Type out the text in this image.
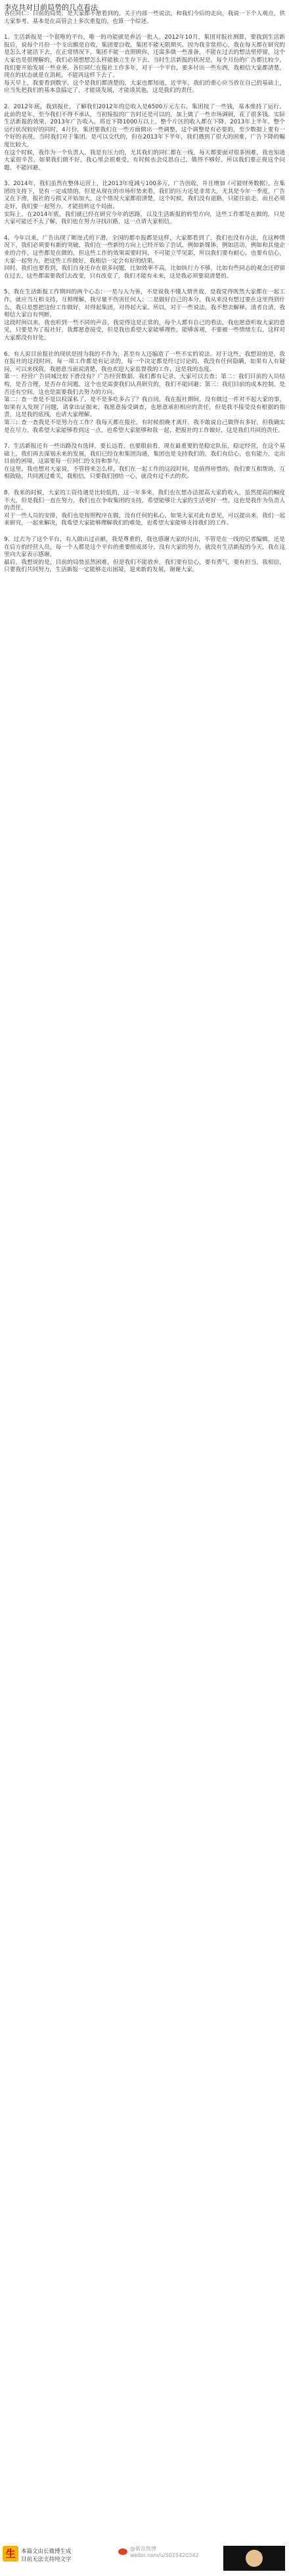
李克共对目前局势的几点看法
各位同仁：目前的局势，是大家都不愿看到的。关于内部一些说法，和我们今后的走向，我说一下个人观点，供大家参考。基本是在高管会上多次重复的，也算一个综述。
1、生活新报是一个很唯的平台，唯一的功能就是养活一批人。2012年10月，集团对报社测算，要我到生活新报后，说每个月份一个支出额是自收，集团要自收，集团不能无限期买。因为我非常担心，我在每天都在研究的是怎么才能活下去，在正常情况下，集团不能一直照顾你，还需多做一些准备，不能在过去的想法里停留，这个大家也是很理解的，我们必须想想怎么样能独立生存下去。当时生活新报的状况是，每个月份的广告都比较少，我们要开始发展一些业务。各位同仁在报社工作多年，对于一个平台，要多付出一些东西，我相信大家都清楚，现在的状态就是在消耗，不能再这样下去了。
每天早上，我要看到数字，这个是我们都清楚的，大家也都知道，近半年，我们的重心应当放在自己的基础上，应当先把我们的基本盘搞定了，才能谈发展，才能谈其他，这是我们的责任。
2、2012年底，我到报社，了解我们2012年的总收入是6500万元左右，集团按了一些钱，基本维持了运行。此前的是年，至今我们不得不承认，当初接报的广告时还是可以的，加上做了一些市场调研，花了很多钱。实际生活新报的效果，2013年广告收入，将近下降1000万以上，整个片区的收入都在下降。2013年上半年，整个运行状况较好的同时，4月份，集团要我们在一些方面做出一些调整，这个调整是有必要的，至少数据上要有一个好的表现，当时我们对于集团，是可以交代的，但在2013年下半年，我们遇到了很大的困难，广告下降的幅度比较大。
在这个时候，我作为一个负责人，我是有压力的，尤其我们的同仁都在一线，每天都要面对很多困难，我也知道大家很辛苦，如果我们做不好，我心里会很难受，有时候也会反思自己，做得不够好。所以我们要正视这个问题，不能回避。
3、2014年，我们虽然在整体运营上，比2013年度减亏100多万，广告创收，并且增加（可能财务数据），在集团的支持下，是有一定成绩的，但是从现在的市场形势来看，我们的压力还是非常大，尤其是今年一季度，广告又在下滑，报社的亏损又开始加大，这个情况大家都很清楚，这个时候，我们没有退路，只能往前走，而且必须走好，我们要一起努力，才能扭转这个局面。
实际上，在2014年底，我们就已经在研究今年的思路，以及生活新报的转型方向，这些工作都是在做的，只是大家可能还不太了解，我们也在努力寻找出路，这一点请大家相信。
4、今年以来，广告出现了断崖式的下滑，全国的都市报都是这样，大家都看到了，我们也没有办法，在这种情况下，我们必须要有新的突破，我们在一些新的方向上已经开始了尝试，例如新媒体，例如活动，例如和其他企业的合作，这些都是在做的，但这些工作的效果需要时间，不可能立竿见影，所以我们要有耐心，也要有信心，大家一起努力，把这些工作做好，我相信一定会有好的结果。
同时，我们也要看到，我们自身还存在很多问题，比如效率不高，比如执行力不够，比如有些同志的观念还停留在过去，这些都需要我们去改变，只有改变了，我们才能有未来，这是我必须要说清楚的。
5、我在生活新报工作期间的两个心态：一是与人为善，不是说我不懂人情世故，是我觉得既然大家都在一起工作，就应当互相支持，互相理解，我尽量不伤害任何人；二是做好自己的本分，我从来没有想过要在这里得到什么，我只是想把这份工作做好，对得起集团，对得起大家。所以，对于一些说法，我不想去解释，清者自清，我相信大家自有判断。
这段时间以来，我也听到一些不同的声音，我觉得这是正常的，每个人都有自己的看法，我也愿意听取大家的意见，只要是为了报社好，我都愿意接受，但是我也希望大家能够理性，能够客观，不要被一些情绪左右，这样对大家都没有好处。
6、有人说目前报社的现状是因为我的不作为，甚至有人还编造了一些不实的说法。对于这些，我想说的是，我在报社的这段时间，每一项工作都是有记录的，每一个决定都是经过讨论的，我没有任何隐瞒，如果有人有疑问，可以来找我，我愿意当面说清楚，我也欢迎大家监督我的工作，这是我的态度。
第一：经营广告同城比较下滑没有？广告经营数据，我们都有记录，大家可以去查；第二：我们目前的人员结构，是否合理，是否存在问题，这个也是需要我们认真研究的，我们不能回避；第三：我们目前的成本控制，是否还有空间，这也是需要我们去努力的方向。
第二：查一查是不是以权谋私了，是不是多吃多占了？我自问，我在报社期间，没有做过一件对不起大家的事，如果有人发现了问题，请拿出证据来，我愿意接受调查，也愿意承担相应的责任，但是我不接受没有根据的指责，这是我的底线，也请大家理解。
第三：查一查我是不是努力在工作？我每天都在报社，有时候很晚才离开，我不敢说自己做得有多好，但我确实是在尽力，我希望大家能够看到这一点，也希望大家能够和我一起，把报社的工作做好，这是我们共同的责任。
7、生活新报还有一些出路没有选择，要长远看，也要眼前看，现在最重要的是稳定队伍，稳定经营，在这个基础上，我们再去谋划未来的发展，我们已经在和集团沟通，集团也是支持我们的，我们有信心，也有能力，走出目前的困境，这需要每一位同仁的支持和参与。
在这里，我也想对大家说，不管将来怎么样，我们在一起工作的这段时间，是值得珍惜的，我们要互相帮助，互相鼓励，共同渡过难关，我相信，只要我们团结一心，就没有过不去的坎。
8、我来的时候，大家的工资待遇是比较低的，这一年多来，我们也在想办法提高大家的收入，虽然提高的幅度不大，但是我们一直在努力，我们也在争取集团的支持，希望能够让大家的生活更好一些，这也是我作为负责人的责任。
对于一些人员的安排，我们也是按照程序在做，没有任何的私心，如果大家对此有意见，可以提出来，我们一起来研究，一起来解决，我希望大家能够理解我们的难处，也希望大家能够支持我们的工作。
9、过去为了这个平台，有人做出过贡献，我是尊重的，我也感谢大家的付出，不管是在一线的记者编辑，还是在后方的经营人员，每一个人都是这个平台的重要组成部分，没有大家的努力，就没有生活新报的今天，我在这里向大家表示感谢。
最后，我想说的是，目前的局势虽然困难，但是我们不能放弃，我们要有信心，要有勇气，要有担当，我相信，只要我们共同努力，生活新报一定能够走出困境，迎来新的发展，谢谢大家。
生	本篇文由长微博生成
目前无法支持纯文字
@新浪微博
weibo.com/u/5025420342
